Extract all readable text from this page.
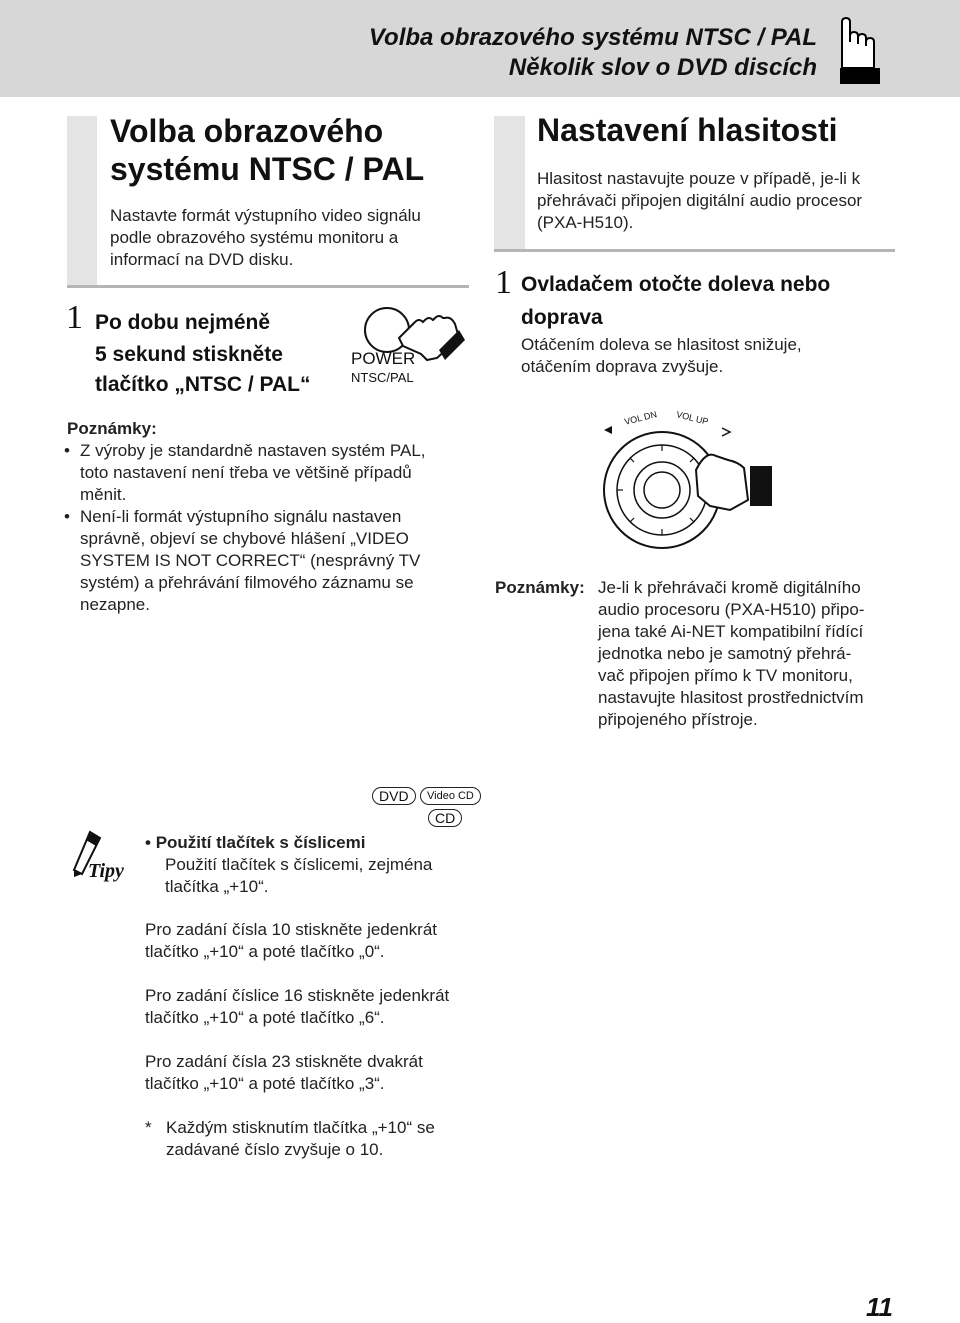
Volba obrazového systému NTSC / PAL
Několik slov o DVD discích
Volba obrazového
systému NTSC / PAL
Nastavte formát výstupního video signálu
podle obrazového systému monitoru a
informací na DVD disku.
1 Po dobu nejméně
5 sekund stiskněte
tlačítko „NTSC / PAL“
POWER
NTSC/PAL
Poznámky:
• Z výroby je standardně nastaven systém PAL,
toto nastavení není třeba ve většině případů
měnit.
• Není-li formát výstupního signálu nastaven
správně, objeví se chybové hlášení „VIDEO
SYSTEM IS NOT CORRECT“ (nesprávný TV
systém) a přehrávání filmového záznamu se
nezapne.
Nastavení hlasitosti
Hlasitost nastavujte pouze v případě, je-li k
přehrávači připojen digitální audio procesor
(PXA-H510).
1 Ovladačem otočte doleva nebo
doprava
Otáčením doleva se hlasitost snižuje,
otáčením doprava zvyšuje.
VOL DN VOL UP
Poznámky: Je-li k přehrávači kromě digitálního
audio procesoru (PXA-H510) připo-
jena také Ai-NET kompatibilní řídící
jednotka nebo je samotný přehrá-
vač připojen přímo k TV monitoru,
nastavujte hlasitost prostřednictvím
připojeného přístroje.
DVD	Video CD
CD
Tipy
• Použití tlačítek s číslicemi
Použití tlačítek s číslicemi, zejména
tlačítka „+10“.
Pro zadání čísla 10 stiskněte jedenkrát
tlačítko „+10“ a poté tlačítko „0“.
Pro zadání číslice 16 stiskněte jedenkrát
tlačítko „+10“ a poté tlačítko „6“.
Pro zadání čísla 23 stiskněte dvakrát
tlačítko „+10“ a poté tlačítko „3“.
* Každým stisknutím tlačítka „+10“ se
zadávané číslo zvyšuje o 10.
11
